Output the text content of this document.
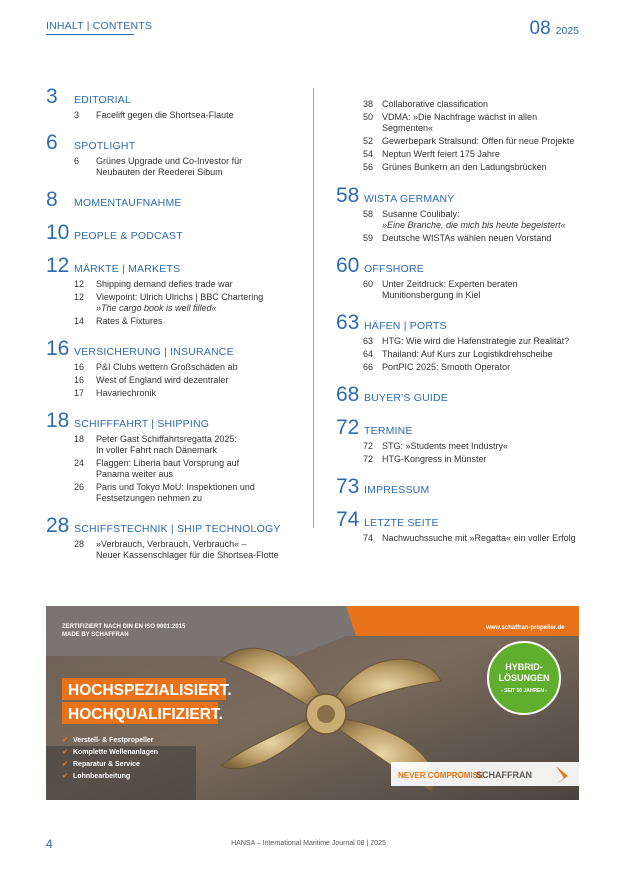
INHALT | CONTENTS	08 2025
3	EDITORIAL
3	Facelift gegen die Shortsea-Flaute
6	SPOTLIGHT
6	Grünes Upgrade und Co-Investor für
Neubauten der Reederei Sibum
8	MOMENTAUFNAHME
10 PEOPLE & PODCAST
12 MÄRKTE | MARKETS
12	Shipping demand defies trade war
12	Viewpoint: Ulrich Ulrichs | BBC Chartering
»The cargo book is well filled«
14	Rates & Fixtures
16 VERSICHERUNG | INSURANCE
16	P&I Clubs wettern Großschäden ab
16	West of England wird dezentraler
17	Havariechronik
18 SCHIFFFAHRT | SHIPPING
18	Peter Gast Schiffahrtsregatta 2025:
In voller Fahrt nach Dänemark
24	Flaggen: Liberia baut Vorsprung auf
Panama weiter aus
26	Paris und Tokyo MoU: Inspektionen und
Festsetzungen nehmen zu
28 SCHIFFSTECHNIK | SHIP TECHNOLOGY
28	»Verbrauch, Verbrauch, Verbrauch« –
Neuer Kassenschlager für die Shortsea-Flotte
38 Collaborative classification
50 VDMA: »Die Nachfrage wächst in allen
Segmenten«
52 Gewerbepark Stralsund: Offen für neue Projekte
54 Neptun Werft feiert 175 Jahre
56 Grünes Bunkern an den Ladungsbrücken
58 WISTA GERMANY
58 Susanne Coulibaly:
»Eine Branche, die mich bis heute begeistert«
59 Deutsche WISTAs wählen neuen Vorstand
60 OFFSHORE
60 Unter Zeitdruck: Experten beraten
Munitionsbergung in Kiel
63 HÄFEN | PORTS
63 HTG: Wie wird die Hafenstrategie zur Realität?
64 Thailand: Auf Kurs zur Logistikdrehscheibe
66 PortPIC 2025: Smooth Operator
68 BUYER'S GUIDE
72 TERMINE
72 STG: »Students meet Industry«
72 HTG-Kongress in Münster
73 IMPRESSUM
74 LETZTE SEITE
74 Nachwuchssuche mit »Regatta« ein voller Erfolg
ZERTIFIZIERT NACH DIN EN ISO 9001:2015
MADE BY SCHAFFRAN
www.schaffran-propeller.de
HOCHSPEZIALISIERT.
HOCHQUALIFIZIERT.
✔ Verstell- & Festpropeller
✔ Komplette Wellenanlagen
✔ Reparatur & Service
✔ Lohnbearbeitung
HYBRID-
LÖSUNGEN
- SEIT 50 JAHREN -
NEVER COMPROMISE.
SCHAFFRAN
4	HANSA – International Maritime Journal 08 | 2025
